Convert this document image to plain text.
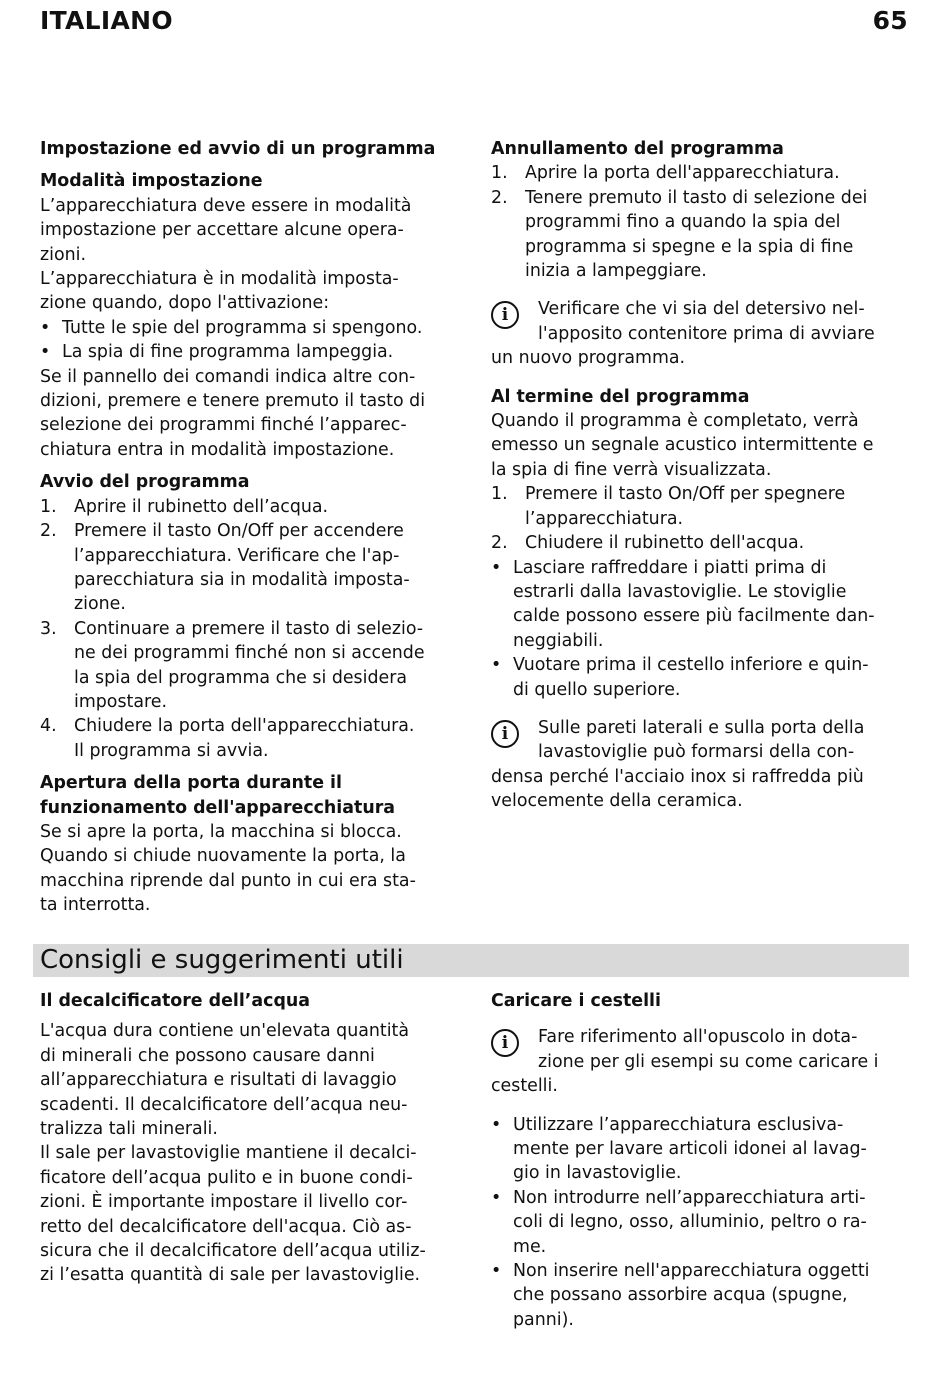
ITALIANO	65
Impostazione ed avvio di un programma
Modalità impostazione
L’apparecchiatura deve essere in modalità
impostazione per accettare alcune opera-
zioni.
L’apparecchiatura è in modalità imposta-
zione quando, dopo l'attivazione:
• Tutte le spie del programma si spengono.
• La spia di fine programma lampeggia.
Se il pannello dei comandi indica altre con-
dizioni, premere e tenere premuto il tasto di
selezione dei programmi finché l’apparec-
chiatura entra in modalità impostazione.
Avvio del programma
1.	Aprire il rubinetto dell’acqua.
2.	Premere il tasto On/Off per accendere
l’apparecchiatura. Verificare che l'ap-
parecchiatura sia in modalità imposta-
zione.
3.	Continuare a premere il tasto di selezio-
ne dei programmi finché non si accende
la spia del programma che si desidera
impostare.
4.	Chiudere la porta dell'apparecchiatura.
Il programma si avvia.
Apertura della porta durante il
funzionamento dell'apparecchiatura
Se si apre la porta, la macchina si blocca.
Quando si chiude nuovamente la porta, la
macchina riprende dal punto in cui era sta-
ta interrotta.
Annullamento del programma
1.	Aprire la porta dell'apparecchiatura.
2.	Tenere premuto il tasto di selezione dei
programmi fino a quando la spia del
programma si spegne e la spia di fine
inizia a lampeggiare.
i	Verificare che vi sia del detersivo nel-
l'apposito contenitore prima di avviare
un nuovo programma.
Al termine del programma
Quando il programma è completato, verrà
emesso un segnale acustico intermittente e
la spia di fine verrà visualizzata.
1.	Premere il tasto On/Off per spegnere
l’apparecchiatura.
2.	Chiudere il rubinetto dell'acqua.
• Lasciare raffreddare i piatti prima di
estrarli dalla lavastoviglie. Le stoviglie
calde possono essere più facilmente dan-
neggiabili.
• Vuotare prima il cestello inferiore e quin-
di quello superiore.
i	Sulle pareti laterali e sulla porta della
lavastoviglie può formarsi della con-
densa perché l'acciaio inox si raffredda più
velocemente della ceramica.
Consigli e suggerimenti utili
Il decalcificatore dell’acqua
L'acqua dura contiene un'elevata quantità
di minerali che possono causare danni
all’apparecchiatura e risultati di lavaggio
scadenti. Il decalcificatore dell’acqua neu-
tralizza tali minerali.
Il sale per lavastoviglie mantiene il decalci-
ficatore dell’acqua pulito e in buone condi-
zioni. È importante impostare il livello cor-
retto del decalcificatore dell'acqua. Ciò as-
sicura che il decalcificatore dell’acqua utiliz-
zi l’esatta quantità di sale per lavastoviglie.
Caricare i cestelli
i	Fare riferimento all'opuscolo in dota-
zione per gli esempi su come caricare i
cestelli.
• Utilizzare l’apparecchiatura esclusiva-
mente per lavare articoli idonei al lavag-
gio in lavastoviglie.
• Non introdurre nell’apparecchiatura arti-
coli di legno, osso, alluminio, peltro o ra-
me.
• Non inserire nell'apparecchiatura oggetti
che possano assorbire acqua (spugne,
panni).
